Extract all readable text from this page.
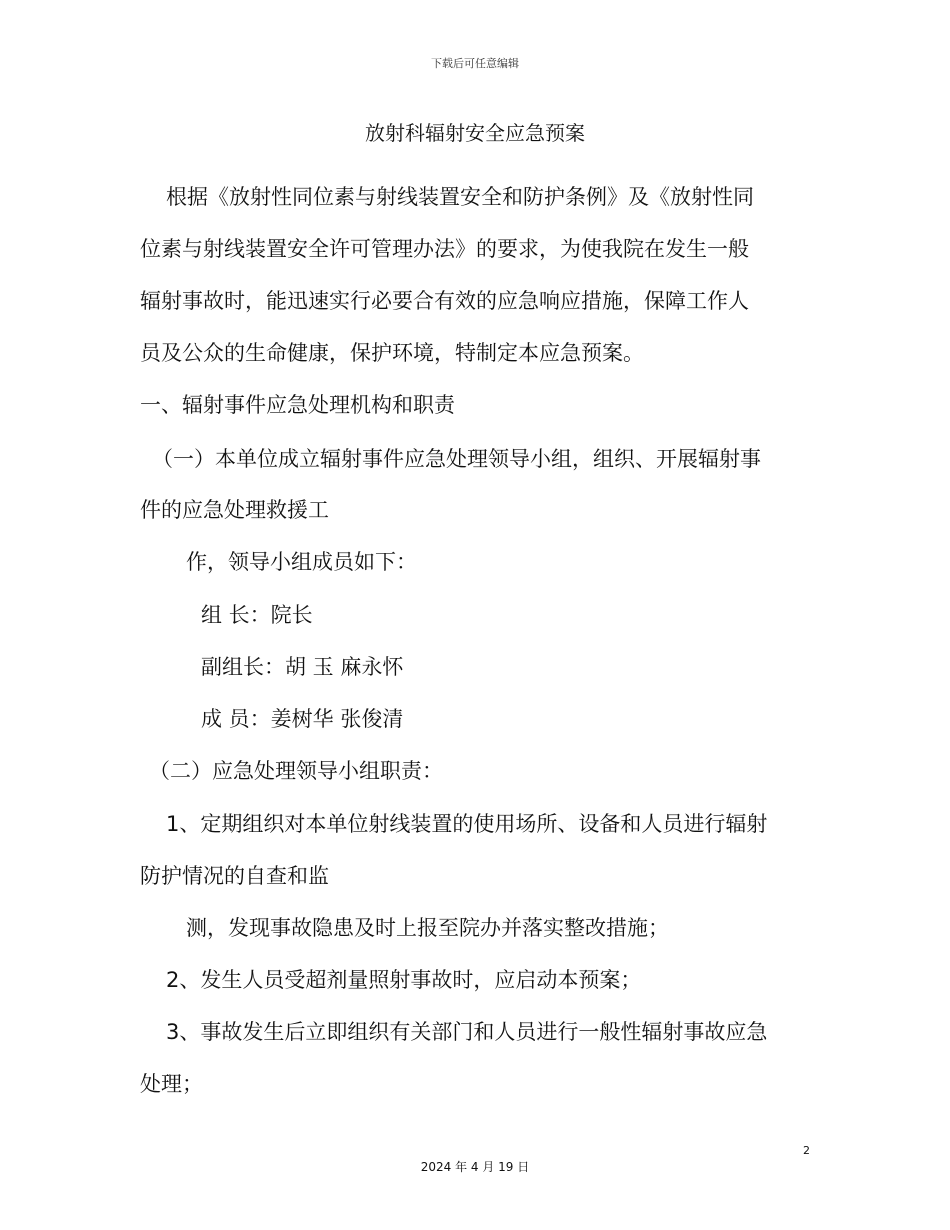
下载后可任意编辑
放射科辐射安全应急预案
根据《放射性同位素与射线装置安全和防护条例》及《放射性同
位素与射线装置安全许可管理办法》的要求，为使我院在发生一般
辐射事故时，能迅速实行必要合有效的应急响应措施，保障工作人
员及公众的生命健康，保护环境，特制定本应急预案。
一、辐射事件应急处理机构和职责
（一）本单位成立辐射事件应急处理领导小组，组织、开展辐射事
件的应急处理救援工
作，领导小组成员如下：
组 长：院长
副组长：胡 玉 麻永怀
成 员：姜树华 张俊清
（二）应急处理领导小组职责：
1、定期组织对本单位射线装置的使用场所、设备和人员进行辐射
防护情况的自查和监
测，发现事故隐患及时上报至院办并落实整改措施；
2、发生人员受超剂量照射事故时，应启动本预案；
3、事故发生后立即组织有关部门和人员进行一般性辐射事故应急
处理；
2
2024 年 4 月 19 日
